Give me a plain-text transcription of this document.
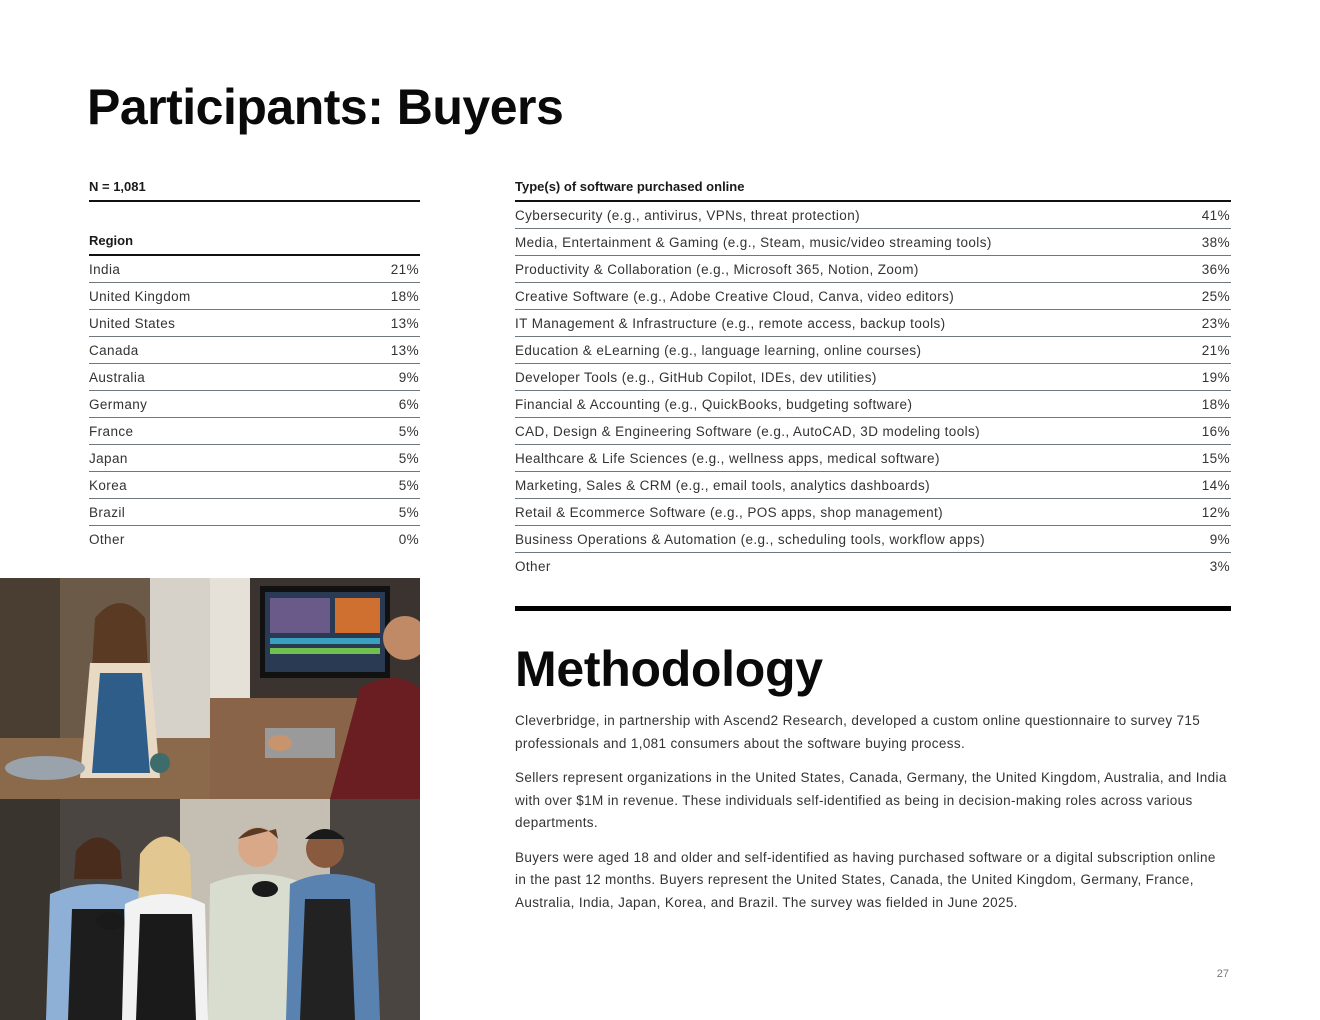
Participants: Buyers
N = 1,081
Region
India	21%
United Kingdom	18%
United States	13%
Canada	13%
Australia	9%
Germany	6%
France	5%
Japan	5%
Korea	5%
Brazil	5%
Other	0%
Type(s) of software purchased online
Cybersecurity (e.g., antivirus, VPNs, threat protection)	41%
Media, Entertainment & Gaming (e.g., Steam, music/video streaming tools)	38%
Productivity & Collaboration (e.g., Microsoft 365, Notion, Zoom)	36%
Creative Software (e.g., Adobe Creative Cloud, Canva, video editors)	25%
IT Management & Infrastructure (e.g., remote access, backup tools)	23%
Education & eLearning (e.g., language learning, online courses)	21%
Developer Tools (e.g., GitHub Copilot, IDEs, dev utilities)	19%
Financial & Accounting (e.g., QuickBooks, budgeting software)	18%
CAD, Design & Engineering Software (e.g., AutoCAD, 3D modeling tools)	16%
Healthcare & Life Sciences (e.g., wellness apps, medical software)	15%
Marketing, Sales & CRM (e.g., email tools, analytics dashboards)	14%
Retail & Ecommerce Software (e.g., POS apps, shop management)	12%
Business Operations & Automation (e.g., scheduling tools, workflow apps)	9%
Other	3%
Methodology

Cleverbridge, in partnership with Ascend2 Research, developed a custom online questionnaire to survey 715 professionals and 1,081 consumers about the software buying process.

Sellers represent organizations in the United States, Canada, Germany, the United Kingdom, Australia, and India with over $1M in revenue. These individuals self-identified as being in decision-making roles across various departments.

Buyers were aged 18 and older and self-identified as having purchased software or a digital subscription online in the past 12 months. Buyers represent the United States, Canada, the United Kingdom, Germany, France, Australia, India, Japan, Korea, and Brazil. The survey was fielded in June 2025.

27
